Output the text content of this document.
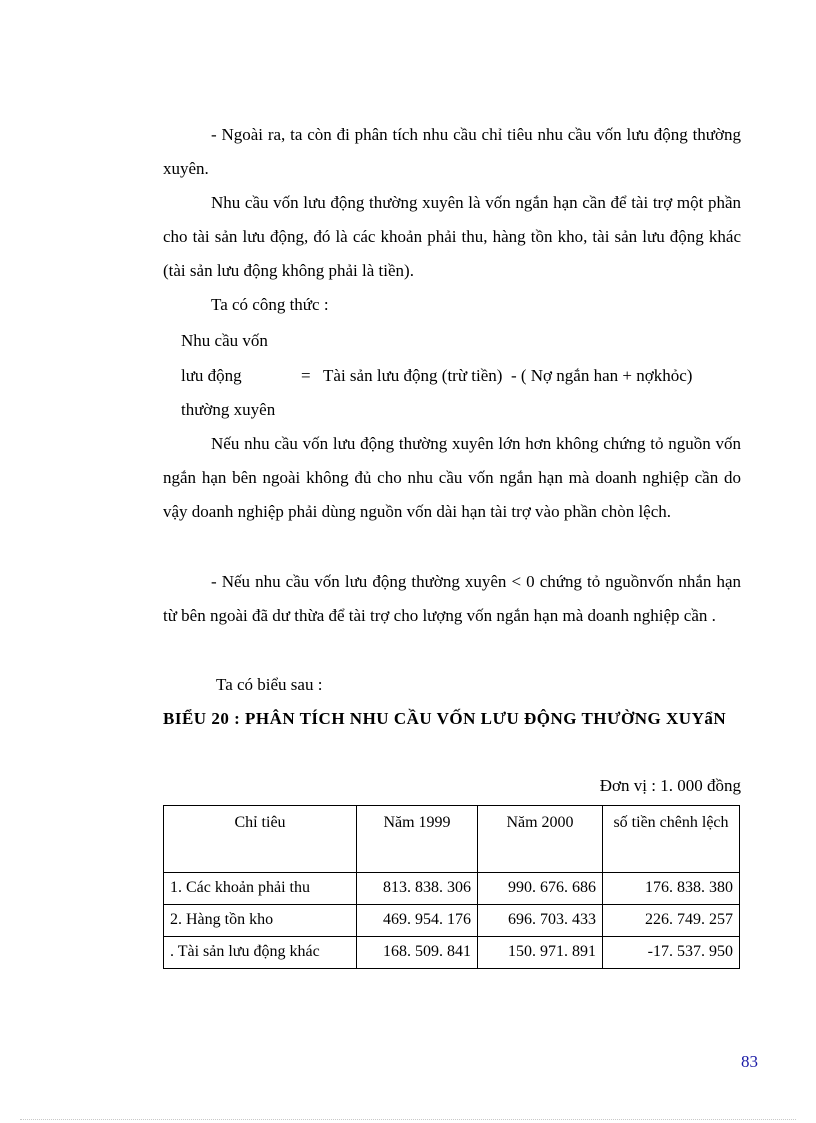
- Ngoài ra, ta còn đi phân tích nhu cầu chỉ tiêu nhu cầu vốn lưu động thường xuyên.

Nhu cầu vốn lưu động thường xuyên là vốn ngắn hạn cần để tài trợ một phần cho tài sản lưu động, đó là các khoản phải thu, hàng tồn kho, tài sản lưu động khác (tài sản lưu động không phải là tiền).

Ta có công thức :

Nhu cầu vốn
lưu động
thường xuyên
=   Tài sản lưu động (trừ tiền)  - ( Nợ ngắn han + nợkhỏc)

Nếu nhu cầu vốn lưu động thường xuyên lớn hơn không chứng tỏ nguồn vốn ngắn hạn bên ngoài không đủ cho nhu cầu vốn ngắn hạn mà doanh nghiệp cần do vậy doanh nghiệp phải dùng nguồn vốn dài hạn tài trợ vào phần chòn lệch.

- Nếu nhu cầu vốn lưu động thường xuyên < 0 chứng tỏ nguồnvốn nhắn hạn từ bên ngoài đã dư thừa để tài trợ cho lượng vốn ngắn hạn mà doanh nghiệp cần .

Ta có biểu sau :

BIỂU 20 : PHÂN TÍCH NHU CẦU VỐN LƯU ĐỘNG THƯỜNG XUYẩN
Đơn vị : 1. 000 đồng
Chỉ tiêu	Năm 1999	Năm 2000	số tiền chênh lệch
1. Các khoản phải thu	813. 838. 306	990. 676. 686	176. 838. 380
2. Hàng tồn kho	469. 954. 176	696. 703. 433	226. 749. 257
. Tài sản lưu động khác	168. 509. 841	150. 971. 891	-17. 537. 950
83
